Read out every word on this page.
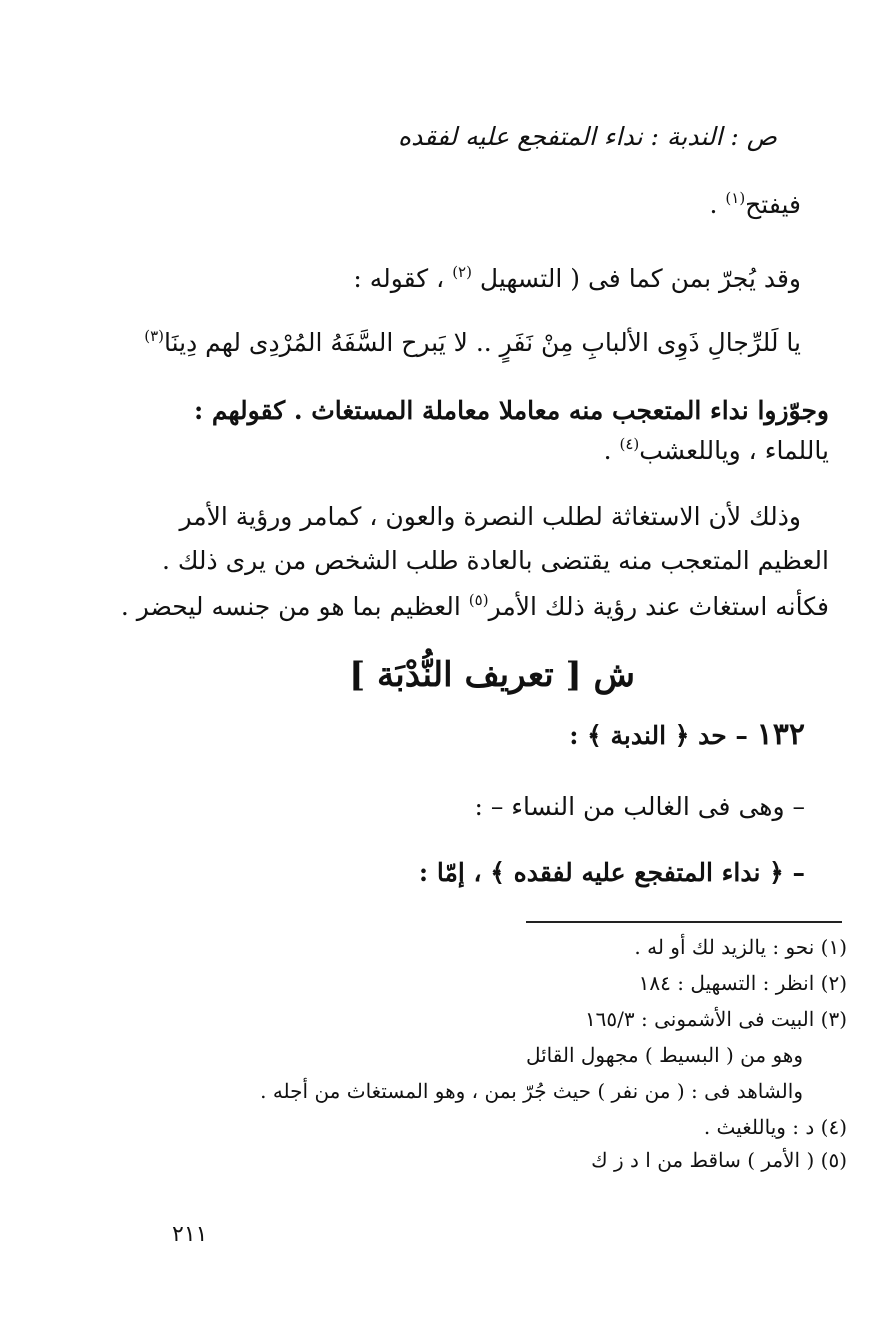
ص : الندبة : نداء المتفجع عليه لفقده
فيفتح$^{(١)}$ .
وقد يُجرّ بمن كما فى ( التسهيل $^{(٢)}$ ، كقوله :
يا لَلرِّجالِ ذَوِى الألبابِ مِنْ نَفَرٍ .. لا يَبرح السَّفَهُ المُرْدِى لهم دِينَا$^{(٣)}$
وجوّزوا نداء المتعجب منه معاملا معاملة المستغاث . كقولهم :
ياللماء ، وياللعشب$^{(٤)}$ .
وذلك لأن الاستغاثة لطلب النصرة والعون ، كمامر ورؤية الأمر
العظيم المتعجب منه يقتضى بالعادة طلب الشخص من يرى ذلك .
فكأنه استغاث عند رؤية ذلك الأمر$^{(٥)}$ العظيم بما هو من جنسه ليحضر .
ش [ تعريف النُّدْبَة ]
١٣٢ – حد ﴿ الندبة ﴾ :
– وهى فى الغالب من النساء – :
– ﴿ نداء المتفجع عليه لفقده ﴾ ، إمّا :
(١) نحو : يالزيد لك أو له .
(٢) انظر : التسهيل : ١٨٤
(٣) البيت فى الأشمونى : ١٦٥/٣
وهو من ( البسيط ) مجهول القائل
والشاهد فى : ( من نفر ) حيث جُرّ بمن ، وهو المستغاث من أجله .
(٤) د : وياللغيث .
(٥) ( الأمر ) ساقط من ا د ز ك
٢١١
